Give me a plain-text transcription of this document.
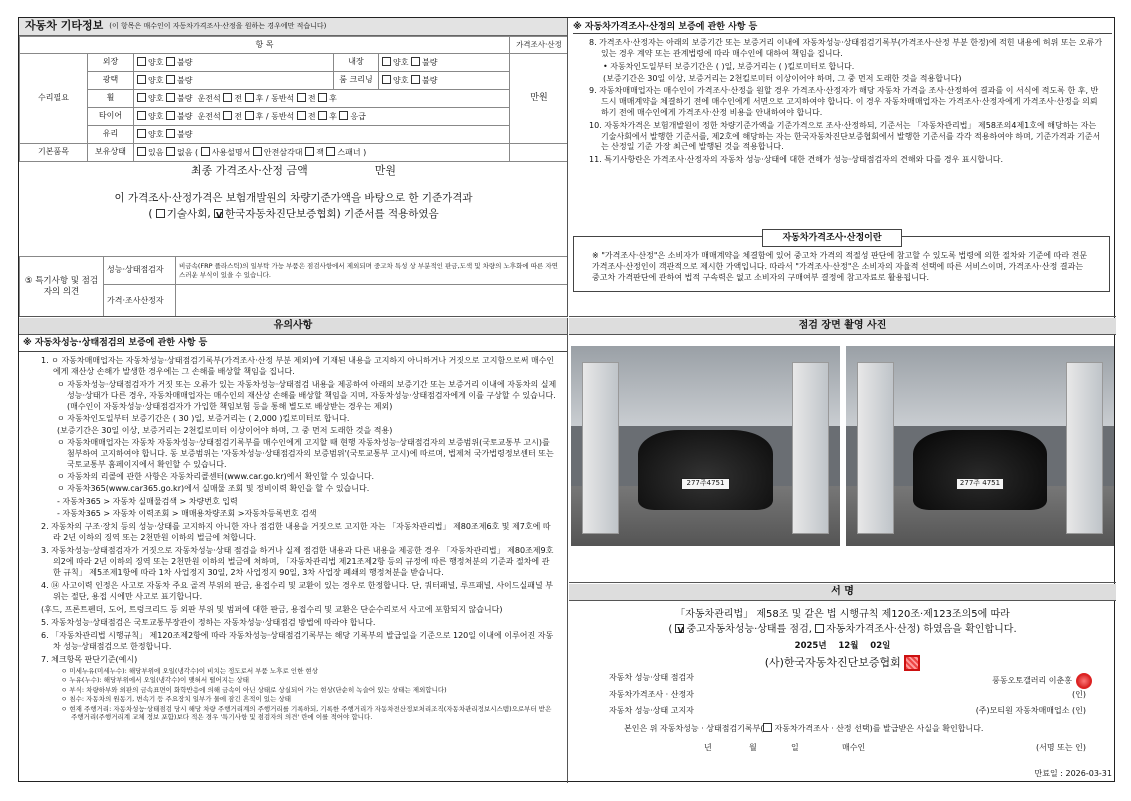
자동차 기타정보 (이 항목은 매수인이 자동차가격조사·산정을 원하는 경우에만 적습니다)
항 목					가격조사·산정
수리필요	외장	양호 불량	내장	양호 불량	만원
	광택	양호 불량	룸 크리닝	양호 불량	
	휠	양호 불량 운전석 전 후 / 동반석 전 후			
	타이어	양호 불량 운전석 전 후 / 동반석 전 후 응급			
	유리	양호 불량			

기본품목	보유상태	있음 없음 ( 사용설명서 안전삼각대 잭 스패너 )			
최종 가격조사·산정 금액	만원
이 가격조사·산정가격은 보험개발원의 차량기준가액을 바탕으로 한 기준가격과
( 기술사회, V 한국자동차진단보증협회) 기준서를 적용하였음
⑤ 특기사항 및 점검자의 의견	성능·상태점검자	비금속(FRP 플라스틱)의 일부탁 가능 부품은 점검사항에서 제외되며 중고차 특성 상 부분적인 판금,도색 및 차량의 노후화에 따른 자연스러운 부식이 있을 수 있습니다.
	가격·조사산정자	
※ 자동차가격조사·산정의 보증에 관한 사항 등
8. 가격조사·산정자는 아래의 보증기간 또는 보증거리 이내에 자동차성능·상태점검기록부(가격조사·산정 부분 한정)에 적힌 내용에 허위 또는 오류가 있는 경우 계약 또는 관계법령에 따라 매수인에 대하여 책임을 집니다.
• 자동차인도일부터 보증기간은 ( )일, 보증거리는 ( )킬로미터로 합니다.
(보증기간은 30일 이상, 보증거리는 2천킬로미터 이상이어야 하며, 그 중 먼저 도래한 것을 적용합니다)
9. 자동차매매업자는 매수인이 가격조사·산정을 원할 경우 가격조사·산정자가 해당 자동차 가격을 조사·산정하여 결과를 이 서식에 적도록 한 후, 반드시 매매계약을 체결하기 전에 매수인에게 서면으로 고지하여야 합니다. 이 경우 자동차매매업자는 가격조사·산정자에게 가격조사·산정을 의뢰하기 전에 매수인에게 가격조사·산정 비용을 안내하여야 합니다.
10. 자동차가격은 보험개발원이 정한 차량기준가액을 기준가격으로 조사·산정하되, 기준서는 「자동차관리법」 제58조의4제1호에 해당하는 자는 기술사회에서 발행한 기준서를, 제2호에 해당하는 자는 한국자동차진단보증협회에서 발행한 기준서를 각각 적용하여야 하며, 기준가격과 기준서는 산정일 기준 가장 최근에 발행된 것을 적용합니다.
11. 특기사항란은 가격조사·산정자의 자동차 성능·상태에 대한 견해가 성능·상태점검자의 견해와 다를 경우 표시합니다.
자동차가격조사·산정이란
※ "가격조사·산정"은 소비자가 매매계약을 체결함에 있어 중고차 가격의 적절성 판단에 참고할 수 있도록 법령에 의한 절차와 기준에 따라 전문 가격조사·산정인이 객관적으로 제시한 가액입니다. 따라서 "가격조사·산정"은 소비자의 자율적 선택에 따른 서비스이며, 가격조사·산정 결과는 중고차 가격판단에 관하여 법적 구속력은 없고 소비자의 구매여부 결정에 참고자료로 활용됩니다.
유의사항
※ 자동차성능·상태점검의 보증에 관한 사항 등
1. ㅇ 자동차매매업자는 자동차성능·상태점검기록부(가격조사·산정 부분 제외)에 기재된 내용을 고지하지 아니하거나 거짓으로 고지함으로써 매수인에게 재산상 손해가 발생한 경우에는 그 손해를 배상할 책임을 집니다.
ㅇ 자동차성능·상태점검자가 거짓 또는 오류가 있는 자동차성능·상태점검 내용을 제공하여 아래의 보증기간 또는 보증거리 이내에 자동차의 실제 성능·상태가 다른 경우, 자동차매매업자는 매수인의 재산상 손해를 배상할 책임을 지며, 자동차성능·상태점검자에게 이를 구상할 수 있습니다.(매수인이 자동차성능·상태점검자가 가입한 책임보험 등을 통해 별도로 배상받는 경우는 제외)
ㅇ 자동차인도일부터 보증기간은 ( 30 )일, 보증거리는 ( 2,000 )킬로미터로 합니다.
(보증기간은 30일 이상, 보증거리는 2천킬로미터 이상이어야 하며, 그 중 먼저 도래한 것을 적용)
ㅇ 자동차매매업자는 자동차 자동차성능·상태점검기록부를 매수인에게 고지할 때 현행 자동차성능·상태점검자의 보증범위(국토교통부 고시)를 첨부하여 고지하여야 합니다. 동 보증범위는 '자동차성능·상태점검자의 보증범위'(국토교통부 고시)에 따르며, 법제처 국가법령정보센터 또는 국토교통부 홈페이지에서 확인할 수 있습니다.
ㅇ 자동차의 리콜에 관한 사항은 자동차리콜센터(www.car.go.kr)에서 확인할 수 있습니다.
ㅇ 자동차365(www.car365.go.kr)에서 실매물 조회 및 정비이력 확인을 할 수 있습니다.
- 자동차365 > 자동차 실매물검색 > 차량번호 입력
- 자동차365 > 자동차 이력조회 > 매매용차량조회 >자동차등록번호 검색
2. 자동차의 구조·장치 등의 성능·상태를 고지하지 아니한 자나 점검한 내용을 거짓으로 고지한 자는 「자동차관리법」 제80조제6호 및 제7호에 따라 2년 이하의 징역 또는 2천만원 이하의 벌금에 처합니다.
3. 자동차성능·상태점검자가 거짓으로 자동차성능·상태 점검을 하거나 실제 점검한 내용과 다른 내용을 제공한 경우 「자동차관리법」 제80조제9호의2에 따라 2년 이하의 징역 또는 2천만원 이하의 벌금에 처하며, 「자동차관리법 제21조제2항 등의 규정에 따른 행정처분의 기준과 절차에 관한 규칙」 제5조제1항에 따라 1차 사업정지 30일, 2차 사업정지 90일, 3차 사업장 폐쇄의 행정처분을 받습니다.
4. ⑭ 사고이력 인정은 사고로 자동차 주요 골격 부위의 판금, 용접수리 및 교환이 있는 경우로 한정합니다. 단, 쿼터패널, 루프패널, 사이드실패널 부위는 절단, 용접 시에만 사고로 표기합니다.
(후드, 프론트펜더, 도어, 트렁크리드 등 외판 부위 및 범퍼에 대한 판금, 용접수리 및 교환은 단순수리로서 사고에 포함되지 않습니다)
5. 자동차성능·상태점검은 국토교통부장관이 정하는 자동차성능·상태점검 방법에 따라야 합니다.
6. 「자동차관리법 시행규칙」 제120조제2항에 따라 자동차성능·상태점검기록부는 해당 기록부의 발급일을 기준으로 120일 이내에 이루어진 자동차 성능·상태점검으로 한정합니다.
7. 체크항목 판단기준(예시)
ㅇ 미세누유(미세누수): 해당부위에 오일(냉각수)이 비치는 정도로서 부품 노후로 인한 현상
ㅇ 누유(누수): 해당부위에서 오일(냉각수)이 맺혀서 떨어지는 상태
ㅇ 부식: 차량하부와 외판의 금속표면이 화학반응에 의해 금속이 아닌 상태로 상실되어 가는 현상(단순히 녹슬어 있는 상태는 제외합니다)
ㅇ 침수: 자동차의 원동기, 변속기 등 주요장치 일부가 물에 잠긴 흔적이 있는 상태
ㅇ 현재 주행거리: 자동차성능·상태점검 당시 해당 차량 주행거리계의 주행거리를 기록하되, 기록한 주행거리가 자동차전산정보처리조직(자동차관리정보시스템)으로부터 받은 주행거리(주행거리계 교체 정보 포함)보다 적은 경우 '특기사항 및 점검자의 의견' 란에 이를 적어야 합니다.
점검 장면 촬영 사진
277주4751	277주 4751
서 명
「자동차관리법」 제58조 및 같은 법 시행규칙 제120조·제123조의5에 따라
( V중고자동차성능·상태를 점검, 자동차가격조사·산정) 하였음을 확인합니다.
2025년 12월 02일
(사)한국자동차진단보증협회
자동차 성능·상태 점검자	풍동오토갤러리 이춘홍
자동차가격조사 · 산정자	(인)
자동차 성능·상태 고지자	(주)모티원 자동차매매업소 (인)
본인은 위 자동차성능 · 상태점검기록부( 자동차가격조사 · 산정 선택)를 발급받은 사실을 확인합니다.
년	월	일	매수인	(서명 또는 인)
만료일 : 2026-03-31
